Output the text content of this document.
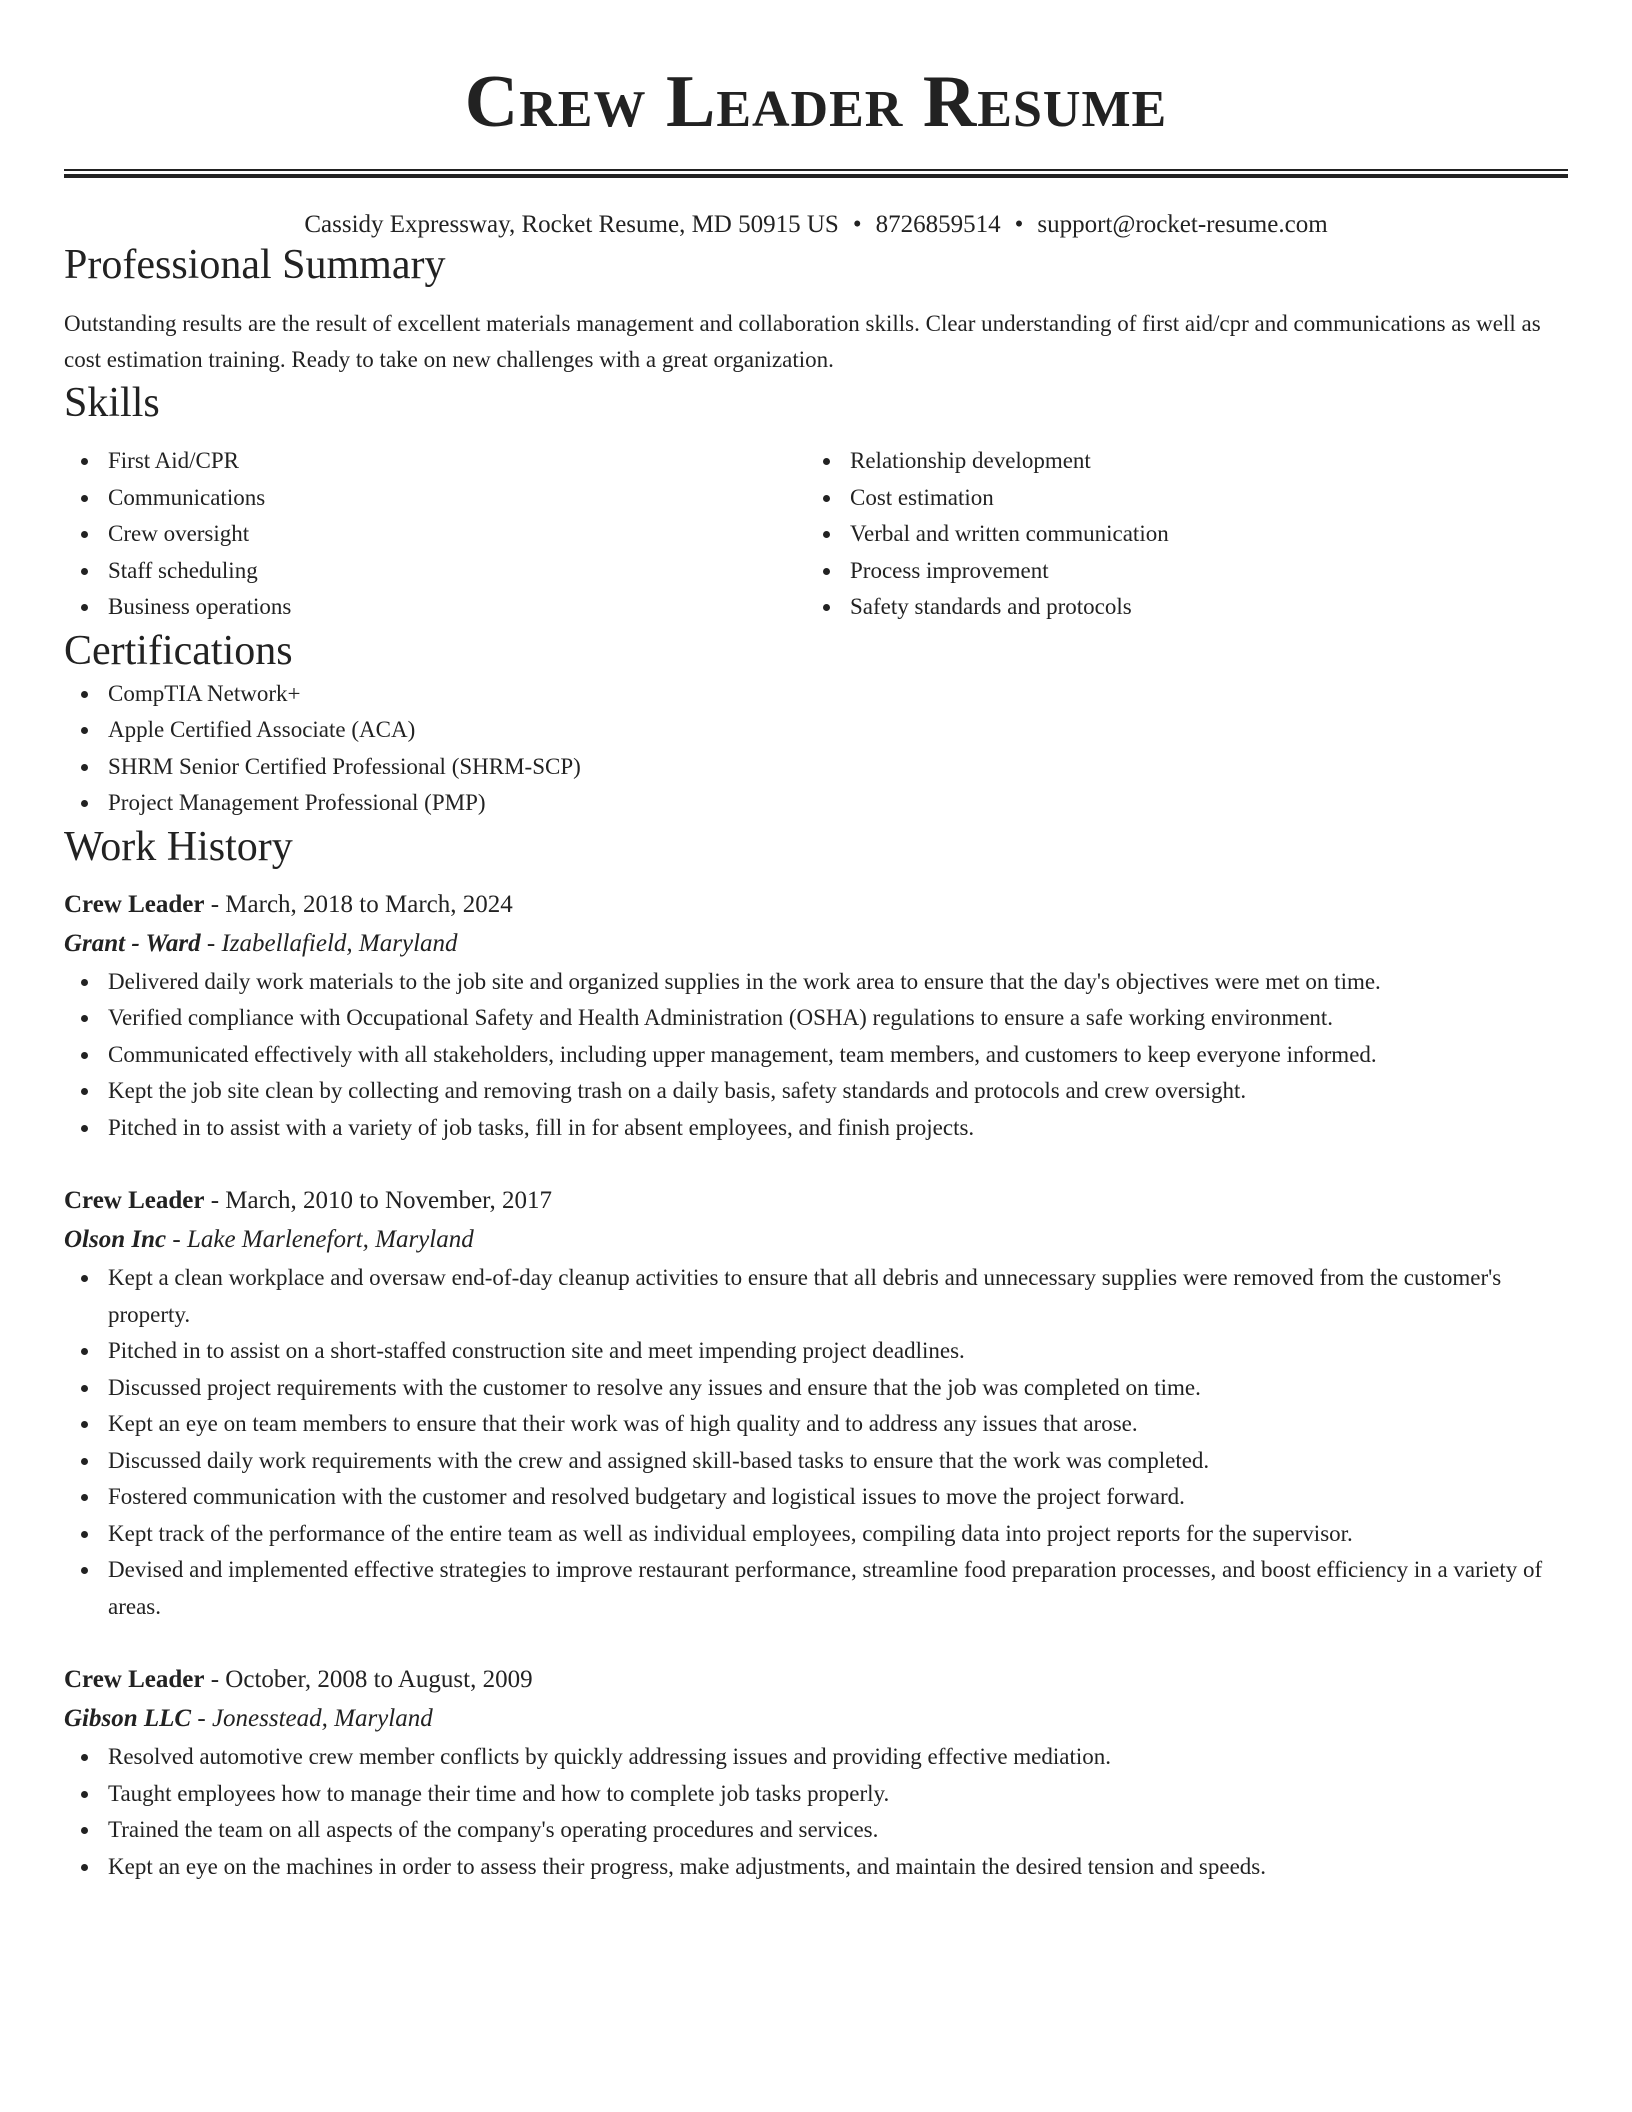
Crew Leader Resume
Cassidy Expressway, Rocket Resume, MD 50915 US • 8726859514 • support@rocket-resume.com
Professional Summary
Outstanding results are the result of excellent materials management and collaboration skills. Clear understanding of first aid/cpr and communications as well as cost estimation training. Ready to take on new challenges with a great organization.
Skills
First Aid/CPR
Communications
Crew oversight
Staff scheduling
Business operations
Relationship development
Cost estimation
Verbal and written communication
Process improvement
Safety standards and protocols
Certifications
CompTIA Network+
Apple Certified Associate (ACA)
SHRM Senior Certified Professional (SHRM-SCP)
Project Management Professional (PMP)
Work History
Crew Leader - March, 2018 to March, 2024
Grant - Ward - Izabellafield, Maryland
Delivered daily work materials to the job site and organized supplies in the work area to ensure that the day's objectives were met on time.
Verified compliance with Occupational Safety and Health Administration (OSHA) regulations to ensure a safe working environment.
Communicated effectively with all stakeholders, including upper management, team members, and customers to keep everyone informed.
Kept the job site clean by collecting and removing trash on a daily basis, safety standards and protocols and crew oversight.
Pitched in to assist with a variety of job tasks, fill in for absent employees, and finish projects.
Crew Leader - March, 2010 to November, 2017
Olson Inc - Lake Marlenefort, Maryland
Kept a clean workplace and oversaw end-of-day cleanup activities to ensure that all debris and unnecessary supplies were removed from the customer's property.
Pitched in to assist on a short-staffed construction site and meet impending project deadlines.
Discussed project requirements with the customer to resolve any issues and ensure that the job was completed on time.
Kept an eye on team members to ensure that their work was of high quality and to address any issues that arose.
Discussed daily work requirements with the crew and assigned skill-based tasks to ensure that the work was completed.
Fostered communication with the customer and resolved budgetary and logistical issues to move the project forward.
Kept track of the performance of the entire team as well as individual employees, compiling data into project reports for the supervisor.
Devised and implemented effective strategies to improve restaurant performance, streamline food preparation processes, and boost efficiency in a variety of areas.
Crew Leader - October, 2008 to August, 2009
Gibson LLC - Jonesstead, Maryland
Resolved automotive crew member conflicts by quickly addressing issues and providing effective mediation.
Taught employees how to manage their time and how to complete job tasks properly.
Trained the team on all aspects of the company's operating procedures and services.
Kept an eye on the machines in order to assess their progress, make adjustments, and maintain the desired tension and speeds.
